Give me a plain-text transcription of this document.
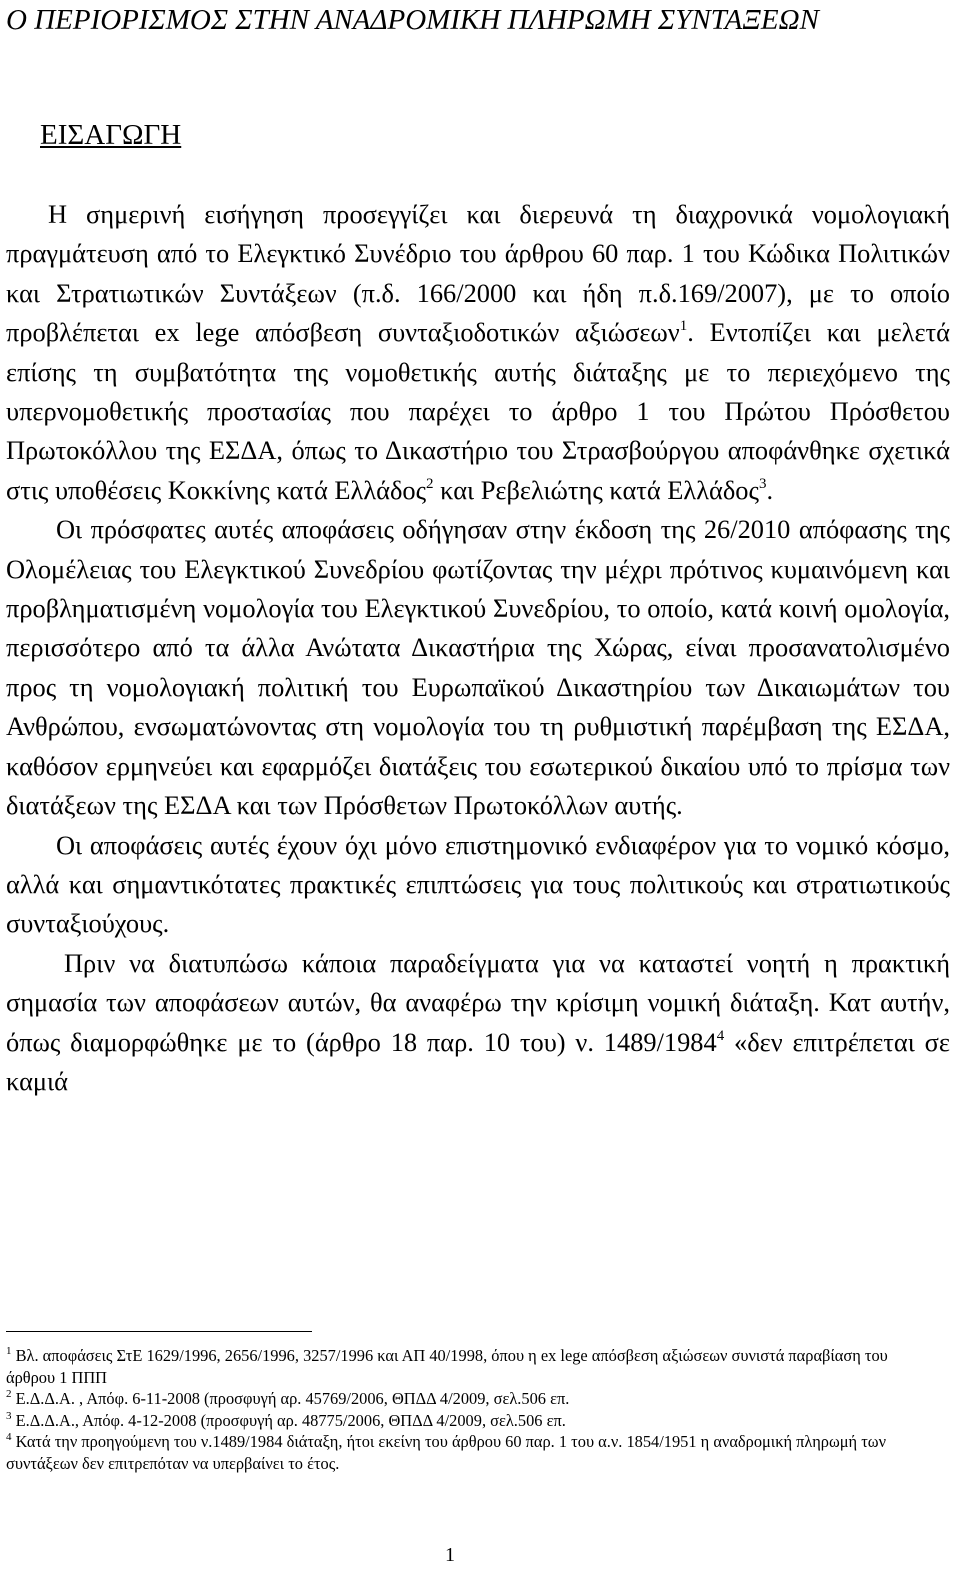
Ο ΠΕΡΙΟΡΙΣΜΟΣ ΣΤΗΝ ΑΝΑΔΡΟΜΙΚΗ ΠΛΗΡΩΜΗ ΣΥΝΤΑΞΕΩΝ
ΕΙΣΑΓΩΓΗ

Η σημερινή εισήγηση προσεγγίζει και διερευνά τη διαχρονικά νομολογιακή πραγμάτευση από το Ελεγκτικό Συνέδριο του άρθρου 60 παρ. 1 του Κώδικα Πολιτικών και Στρατιωτικών Συντάξεων (π.δ. 166/2000 και ήδη π.δ.169/2007), με το οποίο προβλέπεται ex lege απόσβεση συνταξιοδοτικών αξιώσεων$^1$. Εντοπίζει και μελετά επίσης τη συμβατότητα της νομοθετικής αυτής διάταξης με το περιεχόμενο της υπερνομοθετικής προστασίας που παρέχει το άρθρο 1 του Πρώτου Πρόσθετου Πρωτοκόλλου της ΕΣΔΑ, όπως το Δικαστήριο του Στρασβούργου αποφάνθηκε σχετικά στις υποθέσεις Κοκκίνης κατά Ελλάδος$^2$ και Ρεβελιώτης κατά Ελλάδος$^3$.

Οι πρόσφατες αυτές αποφάσεις οδήγησαν στην έκδοση της 26/2010 απόφασης της Ολομέλειας του Ελεγκτικού Συνεδρίου φωτίζοντας την μέχρι πρότινος κυμαινόμενη και προβληματισμένη νομολογία του Ελεγκτικού Συνεδρίου, το οποίο, κατά κοινή ομολογία, περισσότερο από τα άλλα Ανώτατα Δικαστήρια της Χώρας, είναι προσανατολισμένο προς τη νομολογιακή πολιτική του Ευρωπαϊκού Δικαστηρίου των Δικαιωμάτων του Ανθρώπου, ενσωματώνοντας στη νομολογία του τη ρυθμιστική παρέμβαση της ΕΣΔΑ, καθόσον ερμηνεύει και εφαρμόζει διατάξεις του εσωτερικού δικαίου υπό το πρίσμα των διατάξεων της ΕΣΔΑ και των Πρόσθετων Πρωτοκόλλων αυτής.

Οι αποφάσεις αυτές έχουν όχι μόνο επιστημονικό ενδιαφέρον για το νομικό κόσμο, αλλά και σημαντικότατες πρακτικές επιπτώσεις για τους πολιτικούς και στρατιωτικούς συνταξιούχους.

Πριν να διατυπώσω κάποια παραδείγματα για να καταστεί νοητή η πρακτική σημασία των αποφάσεων αυτών, θα αναφέρω την κρίσιμη νομική διάταξη. Κατ αυτήν, όπως διαμορφώθηκε με το (άρθρο 18 παρ. 10 του) ν. 1489/1984$^4$ «δεν επιτρέπεται σε καμιά

$^1$ Βλ. αποφάσεις ΣτΕ 1629/1996, 2656/1996, 3257/1996 και ΑΠ 40/1998, όπου η ex lege απόσβεση αξιώσεων συνιστά παραβίαση του άρθρου 1 ΠΠΠ

$^2$ Ε.Δ.Δ.Α. , Απόφ. 6-11-2008 (προσφυγή αρ. 45769/2006, ΘΠΔΔ 4/2009, σελ.506 επ.

$^3$ Ε.Δ.Δ.Α., Απόφ. 4-12-2008 (προσφυγή αρ. 48775/2006, ΘΠΔΔ 4/2009, σελ.506 επ.

$^4$ Κατά την προηγούμενη του ν.1489/1984 διάταξη, ήτοι εκείνη του άρθρου 60 παρ. 1 του α.ν. 1854/1951 η αναδρομική πληρωμή των συντάξεων δεν επιτρεπόταν να υπερβαίνει το έτος.

1
